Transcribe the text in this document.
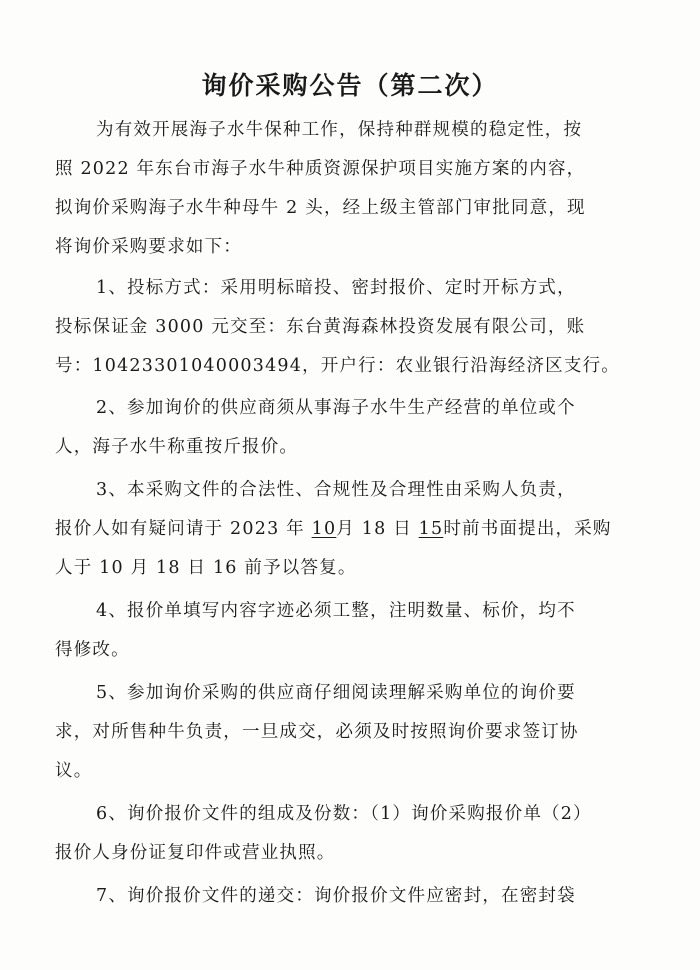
询价采购公告（第二次）
为有效开展海子水牛保种工作，保持种群规模的稳定性，按
照 2022 年东台市海子水牛种质资源保护项目实施方案的内容，
拟询价采购海子水牛种母牛 2 头，经上级主管部门审批同意，现
将询价采购要求如下：
1、投标方式：采用明标暗投、密封报价、定时开标方式，
投标保证金 3000 元交至：东台黄海森林投资发展有限公司，账
号：10423301040003494，开户行：农业银行沿海经济区支行。
2、参加询价的供应商须从事海子水牛生产经营的单位或个
人，海子水牛称重按斤报价。
3、本采购文件的合法性、合规性及合理性由采购人负责，
报价人如有疑问请于 2023 年 10月 18 日 15时前书面提出，采购
人于 10 月 18 日 16 前予以答复。
4、报价单填写内容字迹必须工整，注明数量、标价，均不
得修改。
5、参加询价采购的供应商仔细阅读理解采购单位的询价要
求，对所售种牛负责，一旦成交，必须及时按照询价要求签订协
议。
6、询价报价文件的组成及份数：（1）询价采购报价单（2）
报价人身份证复印件或营业执照。
7、询价报价文件的递交：询价报价文件应密封，在密封袋
